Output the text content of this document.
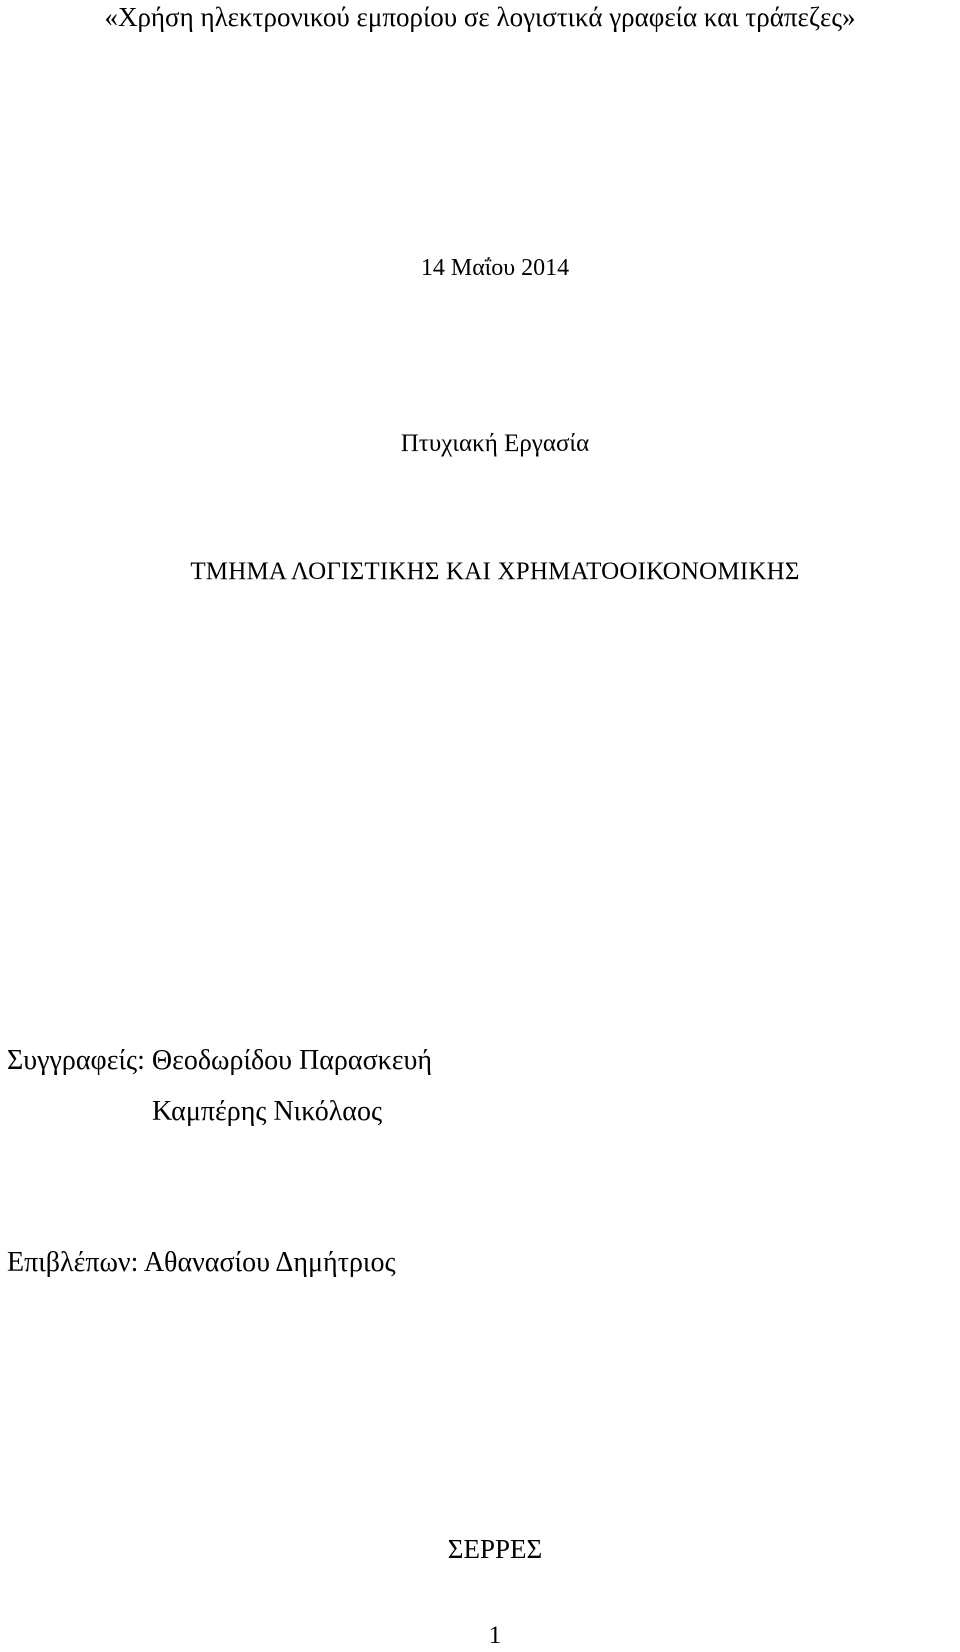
«Χρήση ηλεκτρονικού εμπορίου σε λογιστικά γραφεία και τράπεζες»
14 Μαΐου 2014
Πτυχιακή Εργασία
ΤΜΗΜΑ ΛΟΓΙΣΤΙΚΗΣ ΚΑΙ ΧΡΗΜΑΤΟΟΙΚΟΝΟΜΙΚΗΣ
Συγγραφείς: Θεοδωρίδου Παρασκευή
Καμπέρης Νικόλαος
Επιβλέπων: Αθανασίου Δημήτριος
ΣΕΡΡΕΣ
1
